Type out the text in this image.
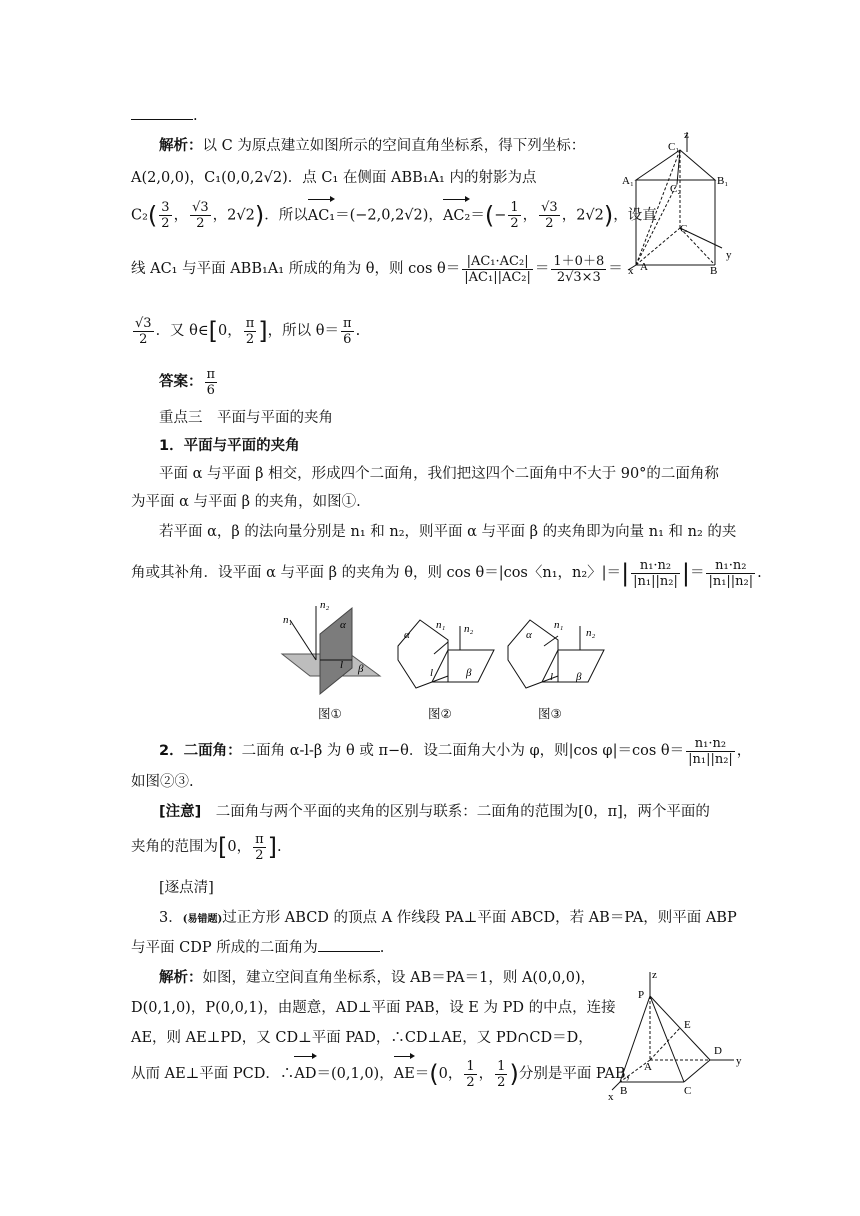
.
解析：以 C 为原点建立如图所示的空间直角坐标系，得下列坐标：
A(2,0,0)，C₁(0,0,2√2)．点 C₁ 在侧面 ABB₁A₁ 内的射影为点
$C_2( \frac{3}{2}$ ， $\frac{√3}{2}$ ，2√2)．所以AC₁＝(−2,0,2√2)，$AC_2=(- \frac{1}{2}$ ， $\frac{√3}{2}$ ，2√2)，设直
线 AC₁ 与平面 ABB₁A₁ 所成的角为 θ，则 $\cos \theta= \frac{\text{|AC₁·AC₂|}}{\text{|AC₁||AC₂|}} = \frac{1+0+8}{2√3\times 3}$ ＝
$\frac{√3}{2}$ ．又 θ∈[0， $\frac{\pi}{2}$ ]，所以 $\theta= \frac{\pi}{6}$ .
z
C₁
A₁
C₂
B₁
C
A	B
x
y
答案： $\frac{\pi}{6}$
重点三　平面与平面的夹角
1．平面与平面的夹角
平面 α 与平面 β 相交，形成四个二面角，我们把这四个二面角中不大于 90°的二面角称
为平面 α 与平面 β 的夹角，如图①.
若平面 α，β 的法向量分别是 n₁ 和 n₂，则平面 α 与平面 β 的夹角即为向量 n₁ 和 n₂ 的夹
角或其补角．设平面 α 与平面 β 的夹角为 θ，则 cos θ＝|cos〈n₁，n₂〉|＝| $\frac{\text{n₁·n₂}}{\text{|n₁||n₂|}}$ |＝ $\frac{\text{n₁·n₂}}{\text{|n₁||n₂|}}$ .
n₁
n₂
α
l β
图①
α
n₁ n₂
l	β
图②
α
n₁
n₂
l β
图③
2．二面角：二面角 α-l-β 为 θ 或 π−θ．设二面角大小为 φ，则|cos φ|＝cos $\theta= \frac{\text{n₁·n₂}}{\text{|n₁||n₂|}}$ ，
如图②③.
[注意]　二面角与两个平面的夹角的区别与联系：二面角的范围为[0，π]，两个平面的
夹角的范围为[0， $\frac{\pi}{2}$ ].
[逐点清]
3．(易错题)过正方形 ABCD 的顶点 A 作线段 PA⊥平面 ABCD，若 AB＝PA，则平面 ABP
与平面 CDP 所成的二面角为	.
解析：如图，建立空间直角坐标系，设 AB＝PA＝1，则 A(0,0,0)，
D(0,1,0)，P(0,0,1)，由题意，AD⊥平面 PAB，设 E 为 PD 的中点，连接
AE，则 AE⊥PD，又 CD⊥平面 PAD，∴CD⊥AE，又 PD∩CD＝D，
从而 AE⊥平面 PCD．∴AD＝(0,1,0)，AE＝(0， $\frac{1}{2}$ ， $\frac{1}{2}$ )分别是平面 PAB，
z
P
E
D
A
B	C
x
y
